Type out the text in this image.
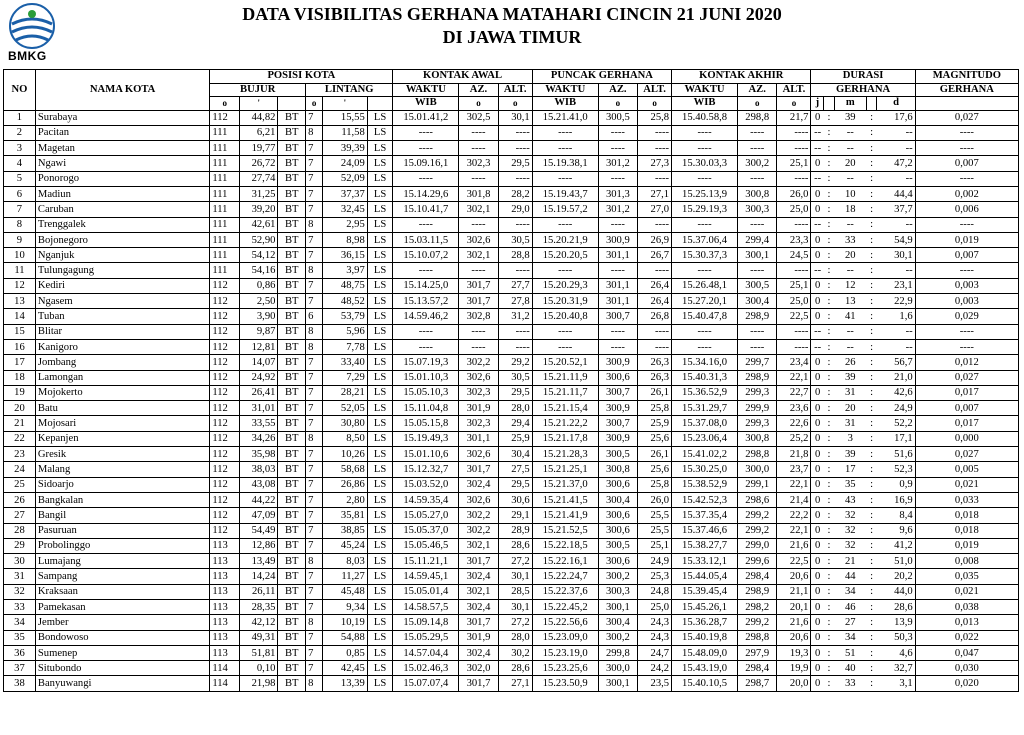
BMKG
DATA VISIBILITAS GERHANA MATAHARI CINCIN 21 JUNI 2020
DI JAWA TIMUR
NO	NAMA KOTA	POSISI KOTA						KONTAK AWAL			PUNCAK GERHANA			KONTAK AKHIR			DURASI					MAGNITUDO
		BUJUR			LINTANG			WAKTU	AZ.	ALT.	WAKTU	AZ.	ALT.	WAKTU	AZ.	ALT.	GERHANA					GERHANA
		o	'		o	'		WIB	o	o	WIB	o	o	WIB	o	o	j		m		d	
1	Surabaya	112	44,82	BT	7	15,55	LS	15.01.41,2	302,5	30,1	15.21.41,0	300,5	25,8	15.40.58,8	298,8	21,7	0	:	39	:	17,6	0,027
2	Pacitan	111	6,21	BT	8	11,58	LS	----	----	----	----	----	----	----	----	----	--	:	--	:	--	----
3	Magetan	111	19,77	BT	7	39,39	LS	----	----	----	----	----	----	----	----	----	--	:	--	:	--	----
4	Ngawi	111	26,72	BT	7	24,09	LS	15.09.16,1	302,3	29,5	15.19.38,1	301,2	27,3	15.30.03,3	300,2	25,1	0	:	20	:	47,2	0,007
5	Ponorogo	111	27,74	BT	7	52,09	LS	----	----	----	----	----	----	----	----	----	--	:	--	:	--	----
6	Madiun	111	31,25	BT	7	37,37	LS	15.14.29,6	301,8	28,2	15.19.43,7	301,3	27,1	15.25.13,9	300,8	26,0	0	:	10	:	44,4	0,002
7	Caruban	111	39,20	BT	7	32,45	LS	15.10.41,7	302,1	29,0	15.19.57,2	301,2	27,0	15.29.19,3	300,3	25,0	0	:	18	:	37,7	0,006
8	Trenggalek	111	42,61	BT	8	2,95	LS	----	----	----	----	----	----	----	----	----	--	:	--	:	--	----
9	Bojonegoro	111	52,90	BT	7	8,98	LS	15.03.11,5	302,6	30,5	15.20.21,9	300,9	26,9	15.37.06,4	299,4	23,3	0	:	33	:	54,9	0,019
10	Nganjuk	111	54,12	BT	7	36,15	LS	15.10.07,2	302,1	28,8	15.20.20,5	301,1	26,7	15.30.37,3	300,1	24,5	0	:	20	:	30,1	0,007
11	Tulungagung	111	54,16	BT	8	3,97	LS	----	----	----	----	----	----	----	----	----	--	:	--	:	--	----
12	Kediri	112	0,86	BT	7	48,75	LS	15.14.25,0	301,7	27,7	15.20.29,3	301,1	26,4	15.26.48,1	300,5	25,1	0	:	12	:	23,1	0,003
13	Ngasem	112	2,50	BT	7	48,52	LS	15.13.57,2	301,7	27,8	15.20.31,9	301,1	26,4	15.27.20,1	300,4	25,0	0	:	13	:	22,9	0,003
14	Tuban	112	3,90	BT	6	53,79	LS	14.59.46,2	302,8	31,2	15.20.40,8	300,7	26,8	15.40.47,8	298,9	22,5	0	:	41	:	1,6	0,029
15	Blitar	112	9,87	BT	8	5,96	LS	----	----	----	----	----	----	----	----	----	--	:	--	:	--	----
16	Kanigoro	112	12,81	BT	8	7,78	LS	----	----	----	----	----	----	----	----	----	--	:	--	:	--	----
17	Jombang	112	14,07	BT	7	33,40	LS	15.07.19,3	302,2	29,2	15.20.52,1	300,9	26,3	15.34.16,0	299,7	23,4	0	:	26	:	56,7	0,012
18	Lamongan	112	24,92	BT	7	7,29	LS	15.01.10,3	302,6	30,5	15.21.11,9	300,6	26,3	15.40.31,3	298,9	22,1	0	:	39	:	21,0	0,027
19	Mojokerto	112	26,41	BT	7	28,21	LS	15.05.10,3	302,3	29,5	15.21.11,7	300,7	26,1	15.36.52,9	299,3	22,7	0	:	31	:	42,6	0,017
20	Batu	112	31,01	BT	7	52,05	LS	15.11.04,8	301,9	28,0	15.21.15,4	300,9	25,8	15.31.29,7	299,9	23,6	0	:	20	:	24,9	0,007
21	Mojosari	112	33,55	BT	7	30,80	LS	15.05.15,8	302,3	29,4	15.21.22,2	300,7	25,9	15.37.08,0	299,3	22,6	0	:	31	:	52,2	0,017
22	Kepanjen	112	34,26	BT	8	8,50	LS	15.19.49,3	301,1	25,9	15.21.17,8	300,9	25,6	15.23.06,4	300,8	25,2	0	:	3	:	17,1	0,000
23	Gresik	112	35,98	BT	7	10,26	LS	15.01.10,6	302,6	30,4	15.21.28,3	300,5	26,1	15.41.02,2	298,8	21,8	0	:	39	:	51,6	0,027
24	Malang	112	38,03	BT	7	58,68	LS	15.12.32,7	301,7	27,5	15.21.25,1	300,8	25,6	15.30.25,0	300,0	23,7	0	:	17	:	52,3	0,005
25	Sidoarjo	112	43,08	BT	7	26,86	LS	15.03.52,0	302,4	29,5	15.21.37,0	300,6	25,8	15.38.52,9	299,1	22,1	0	:	35	:	0,9	0,021
26	Bangkalan	112	44,22	BT	7	2,80	LS	14.59.35,4	302,6	30,6	15.21.41,5	300,4	26,0	15.42.52,3	298,6	21,4	0	:	43	:	16,9	0,033
27	Bangil	112	47,09	BT	7	35,81	LS	15.05.27,0	302,2	29,1	15.21.41,9	300,6	25,5	15.37.35,4	299,2	22,2	0	:	32	:	8,4	0,018
28	Pasuruan	112	54,49	BT	7	38,85	LS	15.05.37,0	302,2	28,9	15.21.52,5	300,6	25,5	15.37.46,6	299,2	22,1	0	:	32	:	9,6	0,018
29	Probolinggo	113	12,86	BT	7	45,24	LS	15.05.46,5	302,1	28,6	15.22.18,5	300,5	25,1	15.38.27,7	299,0	21,6	0	:	32	:	41,2	0,019
30	Lumajang	113	13,49	BT	8	8,03	LS	15.11.21,1	301,7	27,2	15.22.16,1	300,6	24,9	15.33.12,1	299,6	22,5	0	:	21	:	51,0	0,008
31	Sampang	113	14,24	BT	7	11,27	LS	14.59.45,1	302,4	30,1	15.22.24,7	300,2	25,3	15.44.05,4	298,4	20,6	0	:	44	:	20,2	0,035
32	Kraksaan	113	26,11	BT	7	45,48	LS	15.05.01,4	302,1	28,5	15.22.37,6	300,3	24,8	15.39.45,4	298,9	21,1	0	:	34	:	44,0	0,021
33	Pamekasan	113	28,35	BT	7	9,34	LS	14.58.57,5	302,4	30,1	15.22.45,2	300,1	25,0	15.45.26,1	298,2	20,1	0	:	46	:	28,6	0,038
34	Jember	113	42,12	BT	8	10,19	LS	15.09.14,8	301,7	27,2	15.22.56,6	300,4	24,3	15.36.28,7	299,2	21,6	0	:	27	:	13,9	0,013
35	Bondowoso	113	49,31	BT	7	54,88	LS	15.05.29,5	301,9	28,0	15.23.09,0	300,2	24,3	15.40.19,8	298,8	20,6	0	:	34	:	50,3	0,022
36	Sumenep	113	51,81	BT	7	0,85	LS	14.57.04,4	302,4	30,2	15.23.19,0	299,8	24,7	15.48.09,0	297,9	19,3	0	:	51	:	4,6	0,047
37	Situbondo	114	0,10	BT	7	42,45	LS	15.02.46,3	302,0	28,6	15.23.25,6	300,0	24,2	15.43.19,0	298,4	19,9	0	:	40	:	32,7	0,030
38	Banyuwangi	114	21,98	BT	8	13,39	LS	15.07.07,4	301,7	27,1	15.23.50,9	300,1	23,5	15.40.10,5	298,7	20,0	0	:	33	:	3,1	0,020
